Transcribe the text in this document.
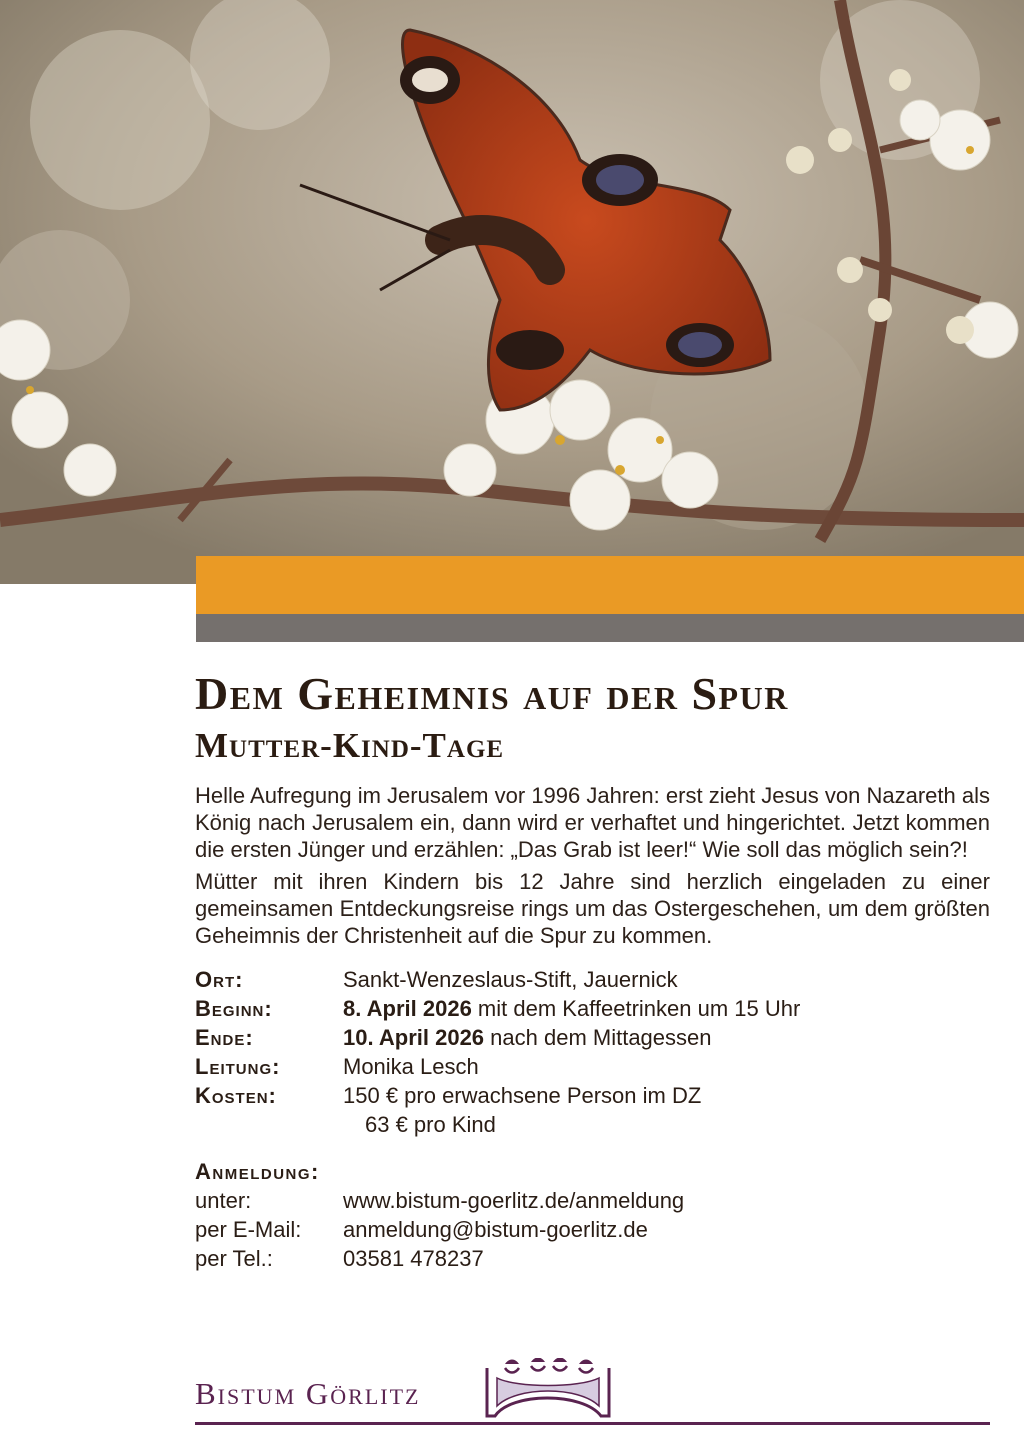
Dem Geheimnis auf der Spur
Mutter-Kind-Tage

Helle Aufregung im Jerusalem vor 1996 Jahren: erst zieht Jesus von Nazareth als König nach Jerusalem ein, dann wird er verhaftet und hingerichtet. Jetzt kommen die ersten Jünger und erzählen: „Das Grab ist leer!“ Wie soll das möglich sein?!

Mütter mit ihren Kindern bis 12 Jahre sind herzlich eingeladen zu einer gemeinsamen Entdeckungsreise rings um das Ostergeschehen, um dem größten Geheimnis der Christenheit auf die Spur zu kommen.

Ort:	Sankt-Wenzeslaus-Stift, Jauernick
Beginn:	8. April 2026 mit dem Kaffeetrinken um 15 Uhr
Ende:	10. April 2026 nach dem Mittagessen
Leitung:	Monika Lesch
Kosten:	150 € pro erwachsene Person im DZ
63 € pro Kind
Anmeldung:
unter:	www.bistum-goerlitz.de/anmeldung
per E-Mail:	anmeldung@bistum-goerlitz.de
per Tel.:	03581 478237
Bistum Görlitz
